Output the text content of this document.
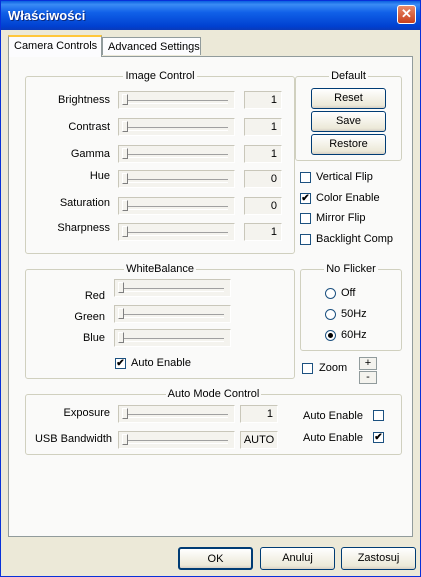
Właściwości	✕
Camera Controls Advanced Settings
Image Control
Brightness	1
Contrast	1
Gamma	1
Hue	0
Saturation	0
Sharpness	1
Default
Reset
Save
Restore
Vertical Flip
✔ Color Enable
Mirror Flip
Backlight Comp
WhiteBalance
Red
Green
Blue
✔ Auto Enable
No Flicker
Off
50Hz
60Hz
Zoom	+
-
Auto Mode Control
Exposure	1	Auto Enable
USB Bandwidth	AUTO	Auto Enable ✔
OK	Anuluj	Zastosuj
